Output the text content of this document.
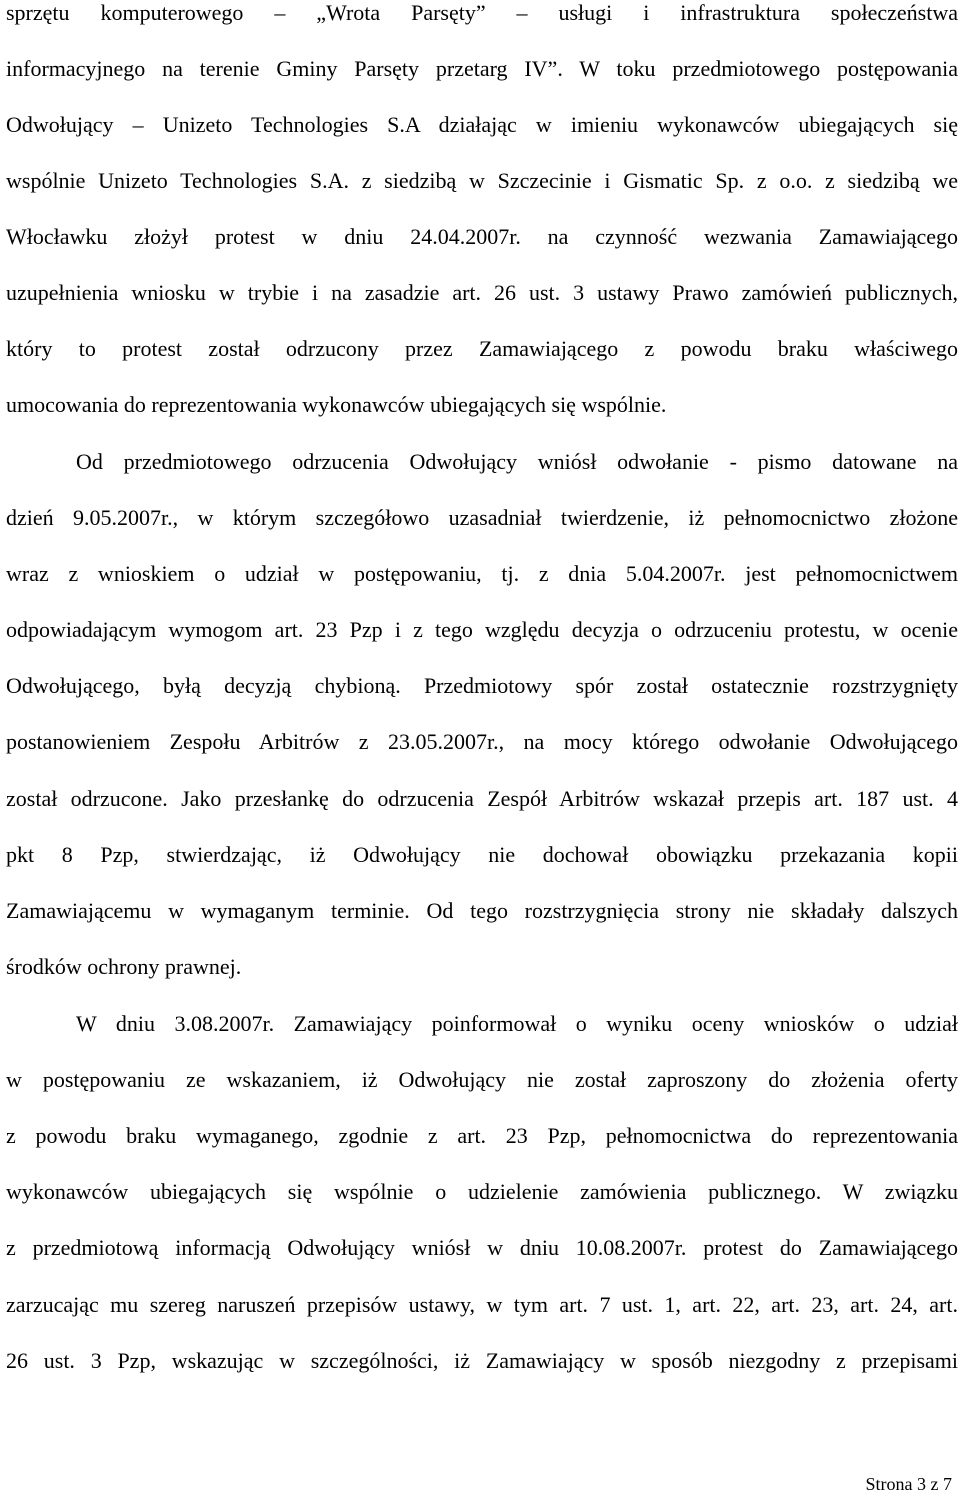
sprzętu komputerowego – „Wrota Parsęty” – usługi i infrastruktura społeczeństwa
informacyjnego na terenie Gminy Parsęty przetarg IV”. W toku przedmiotowego postępowania
Odwołujący – Unizeto Technologies S.A działając w imieniu wykonawców ubiegających się
wspólnie Unizeto Technologies S.A. z siedzibą w Szczecinie i Gismatic Sp. z o.o. z siedzibą we
Włocławku złożył protest w dniu 24.04.2007r. na czynność wezwania Zamawiającego
uzupełnienia wniosku w trybie i na zasadzie art. 26 ust. 3 ustawy Prawo zamówień publicznych,
który to protest został odrzucony przez Zamawiającego z powodu braku właściwego
umocowania do reprezentowania wykonawców ubiegających się wspólnie.
Od przedmiotowego odrzucenia Odwołujący wniósł odwołanie - pismo datowane na
dzień 9.05.2007r., w którym szczegółowo uzasadniał twierdzenie, iż pełnomocnictwo złożone
wraz z wnioskiem o udział w postępowaniu, tj. z dnia 5.04.2007r. jest pełnomocnictwem
odpowiadającym wymogom art. 23 Pzp i z tego względu decyzja o odrzuceniu protestu, w ocenie
Odwołującego, byłą decyzją chybioną. Przedmiotowy spór został ostatecznie rozstrzygnięty
postanowieniem Zespołu Arbitrów z 23.05.2007r., na mocy którego odwołanie Odwołującego
został odrzucone. Jako przesłankę do odrzucenia Zespół Arbitrów wskazał przepis art. 187 ust. 4
pkt 8 Pzp, stwierdzając, iż Odwołujący nie dochował obowiązku przekazania kopii
Zamawiającemu w wymaganym terminie. Od tego rozstrzygnięcia strony nie składały dalszych
środków ochrony prawnej.
W dniu 3.08.2007r. Zamawiający poinformował o wyniku oceny wniosków o udział
w postępowaniu ze wskazaniem, iż Odwołujący nie został zaproszony do złożenia oferty
z powodu braku wymaganego, zgodnie z art. 23 Pzp, pełnomocnictwa do reprezentowania
wykonawców ubiegających się wspólnie o udzielenie zamówienia publicznego. W związku
z przedmiotową informacją Odwołujący wniósł w dniu 10.08.2007r. protest do Zamawiającego
zarzucając mu szereg naruszeń przepisów ustawy, w tym art. 7 ust. 1, art. 22, art. 23, art. 24, art.
26 ust. 3 Pzp, wskazując w szczególności, iż Zamawiający w sposób niezgodny z przepisami
Strona 3 z 7
